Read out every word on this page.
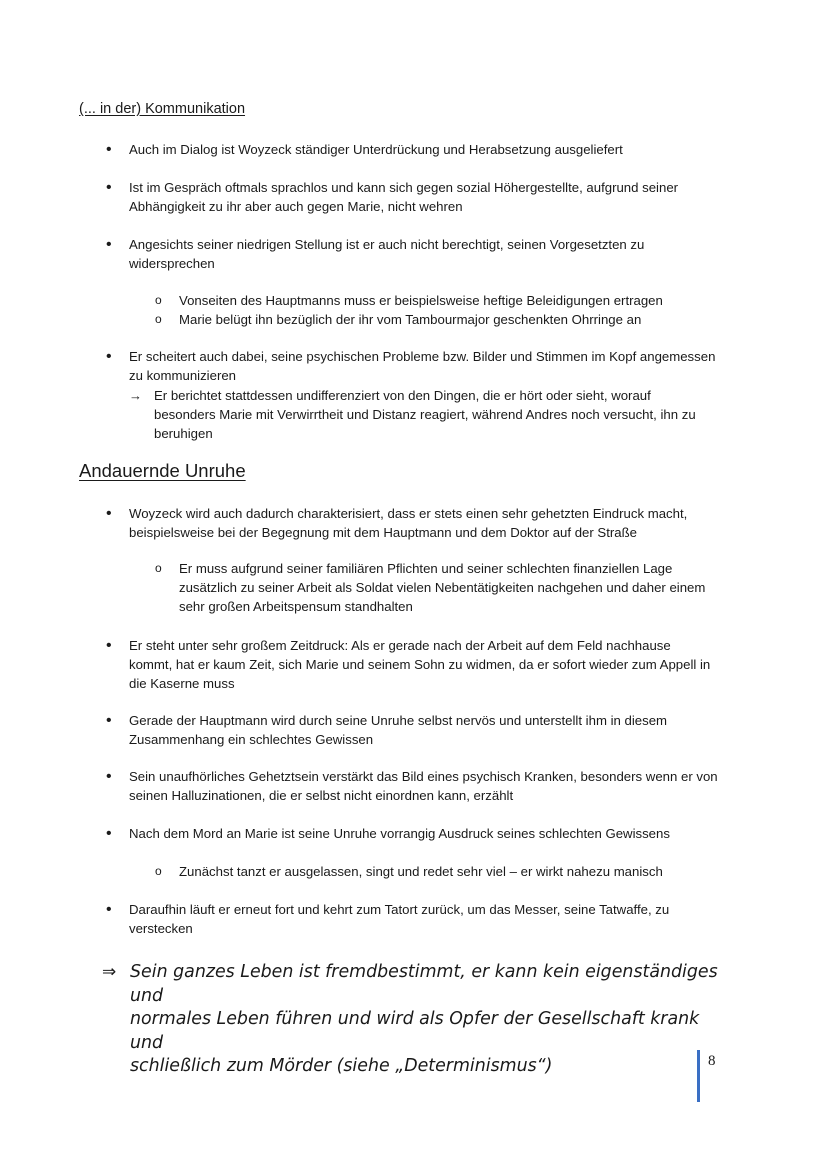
(... in der) Kommunikation
• Auch im Dialog ist Woyzeck ständiger Unterdrückung und Herabsetzung ausgeliefert
• Ist im Gespräch oftmals sprachlos und kann sich gegen sozial Höhergestellte, aufgrund seiner
Abhängigkeit zu ihr aber auch gegen Marie, nicht wehren
• Angesichts seiner niedrigen Stellung ist er auch nicht berechtigt, seinen Vorgesetzten zu
widersprechen
o Vonseiten des Hauptmanns muss er beispielsweise heftige Beleidigungen ertragen
o Marie belügt ihn bezüglich der ihr vom Tambourmajor geschenkten Ohrringe an
• Er scheitert auch dabei, seine psychischen Probleme bzw. Bilder und Stimmen im Kopf angemessen
zu kommunizieren
→ Er berichtet stattdessen undifferenziert von den Dingen, die er hört oder sieht, worauf
besonders Marie mit Verwirrtheit und Distanz reagiert, während Andres noch versucht, ihn zu
beruhigen
Andauernde Unruhe
• Woyzeck wird auch dadurch charakterisiert, dass er stets einen sehr gehetzten Eindruck macht,
beispielsweise bei der Begegnung mit dem Hauptmann und dem Doktor auf der Straße
o Er muss aufgrund seiner familiären Pflichten und seiner schlechten finanziellen Lage
zusätzlich zu seiner Arbeit als Soldat vielen Nebentätigkeiten nachgehen und daher einem
sehr großen Arbeitspensum standhalten
• Er steht unter sehr großem Zeitdruck: Als er gerade nach der Arbeit auf dem Feld nachhause
kommt, hat er kaum Zeit, sich Marie und seinem Sohn zu widmen, da er sofort wieder zum Appell in
die Kaserne muss
• Gerade der Hauptmann wird durch seine Unruhe selbst nervös und unterstellt ihm in diesem
Zusammenhang ein schlechtes Gewissen
• Sein unaufhörliches Gehetztsein verstärkt das Bild eines psychisch Kranken, besonders wenn er von
seinen Halluzinationen, die er selbst nicht einordnen kann, erzählt
• Nach dem Mord an Marie ist seine Unruhe vorrangig Ausdruck seines schlechten Gewissens
o Zunächst tanzt er ausgelassen, singt und redet sehr viel – er wirkt nahezu manisch
• Daraufhin läuft er erneut fort und kehrt zum Tatort zurück, um das Messer, seine Tatwaffe, zu
verstecken
⇒ Sein ganzes Leben ist fremdbestimmt, er kann kein eigenständiges und
normales Leben führen und wird als Opfer der Gesellschaft krank und
schließlich zum Mörder (siehe „Determinismus“)	8
